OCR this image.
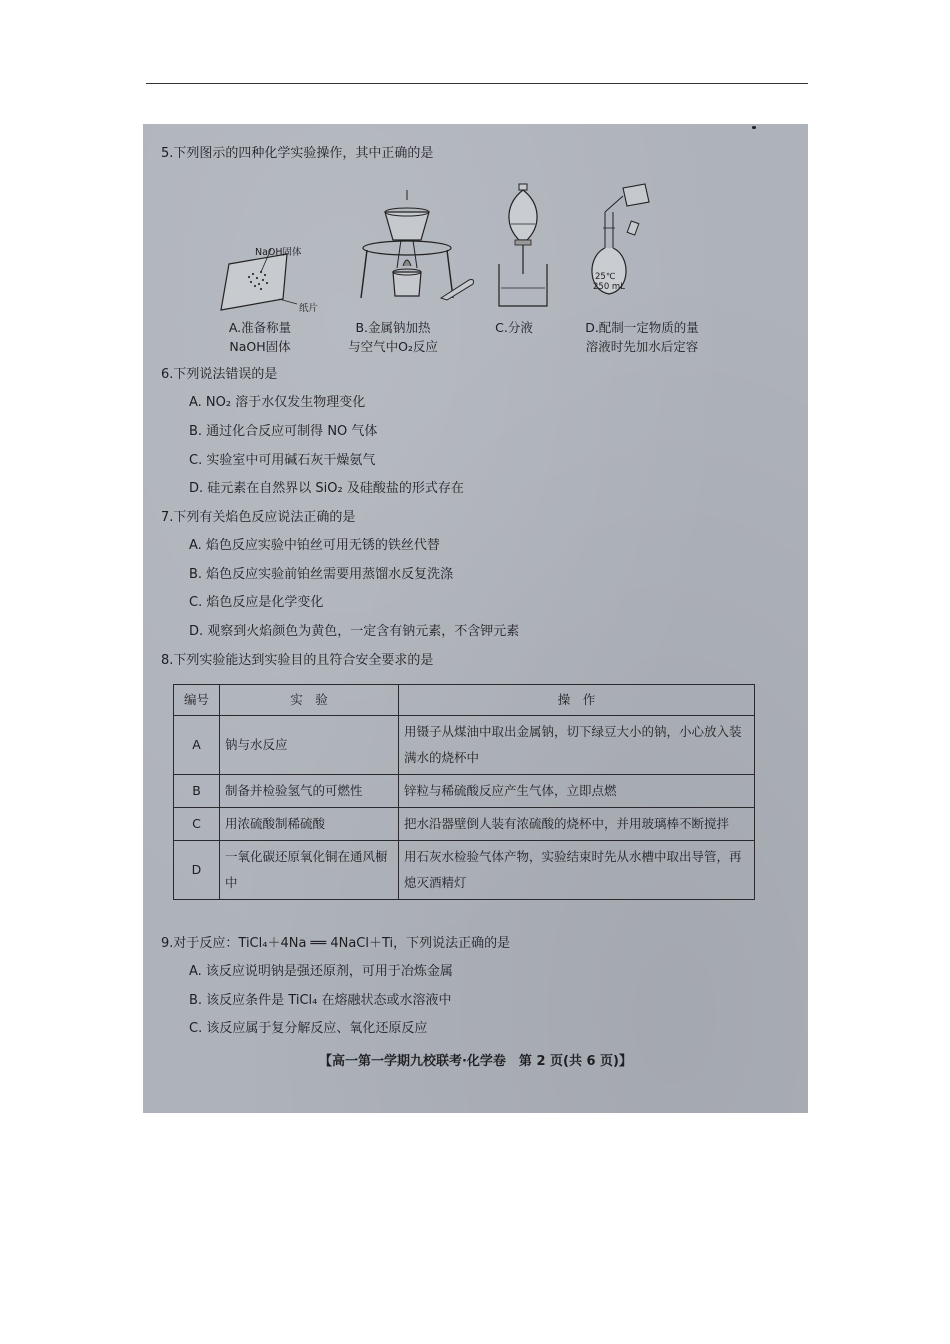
5.下列图示的四种化学实验操作，其中正确的是
NaOH固体
纸片
25℃
250 mL
A.准备称量
NaOH固体
B.金属钠加热
与空气中O₂反应
C.分液	D.配制一定物质的量
溶液时先加水后定容
6.下列说法错误的是
A. NO₂ 溶于水仅发生物理变化
B. 通过化合反应可制得 NO 气体
C. 实验室中可用碱石灰干燥氨气
D. 硅元素在自然界以 SiO₂ 及硅酸盐的形式存在
7.下列有关焰色反应说法正确的是
A. 焰色反应实验中铂丝可用无锈的铁丝代替
B. 焰色反应实验前铂丝需要用蒸馏水反复洗涤
C. 焰色反应是化学变化
D. 观察到火焰颜色为黄色，一定含有钠元素，不含钾元素
8.下列实验能达到实验目的且符合安全要求的是
编号	实　验	操　作
A	钠与水反应	用镊子从煤油中取出金属钠，切下绿豆大小的钠，小心放入装满水的烧杯中
B	制备并检验氢气的可燃性	锌粒与稀硫酸反应产生气体，立即点燃
C	用浓硫酸制稀硫酸	把水沿器壁倒人装有浓硫酸的烧杯中，并用玻璃棒不断搅拌
D	一氧化碳还原氧化铜在通风橱中	用石灰水检验气体产物，实验结束时先从水槽中取出导管，再熄灭酒精灯
9.对于反应：TiCl₄＋4Na ══ 4NaCl＋Ti，下列说法正确的是
A. 该反应说明钠是强还原剂，可用于冶炼金属
B. 该反应条件是 TiCl₄ 在熔融状态或水溶液中
C. 该反应属于复分解反应、氧化还原反应
【高一第一学期九校联考·化学卷　第 2 页(共 6 页)】
